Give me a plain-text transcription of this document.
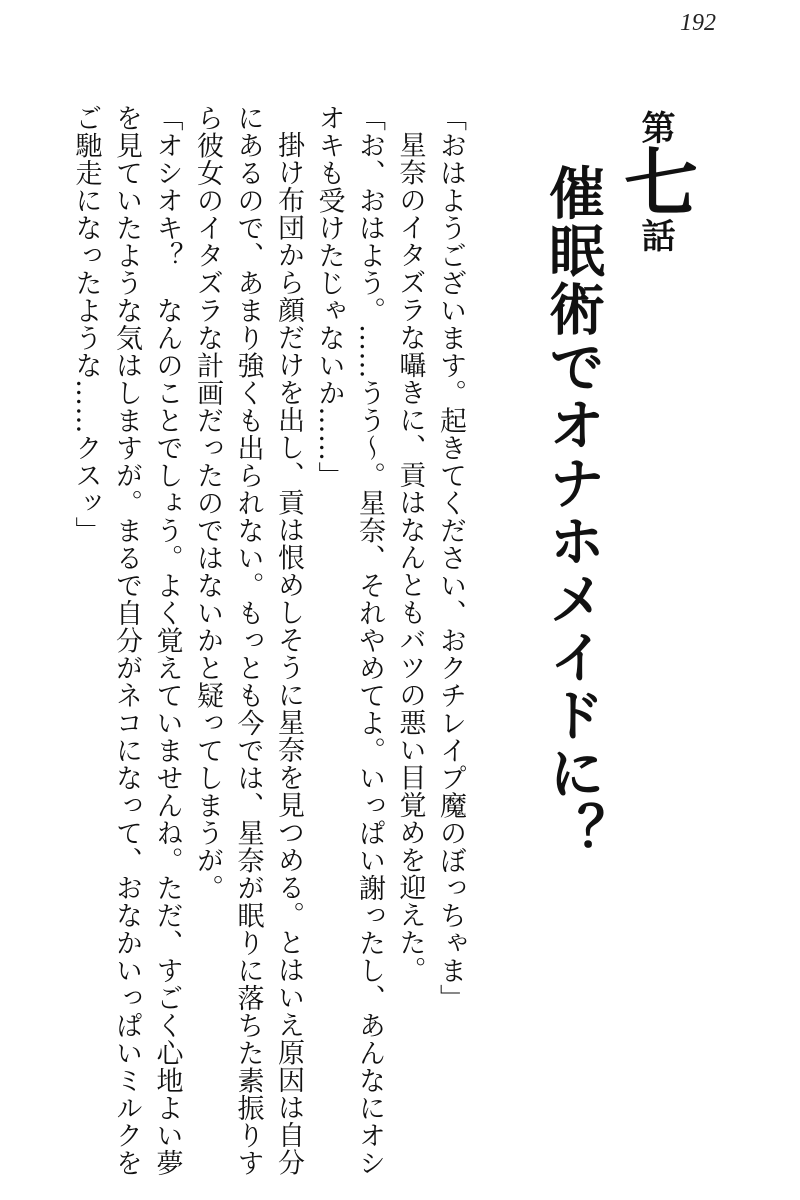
192
第七話 催眠術でオナホメイドに？

「おはようございます。起きてください、おクチレイプ魔のぼっちゃま」

星奈のイタズラな囁きに、貢はなんともバツの悪い目覚めを迎えた。

「お、おはよう。……うう～。星奈、それやめてよ。いっぱい謝ったし、あんなにオシオキも受けたじゃないか……」

掛け布団から顔だけを出し、貢は恨めしそうに星奈を見つめる。とはいえ原因は自分にあるので、あまり強くも出られない。もっとも今では、星奈が眠りに落ちた素振りすら彼女のイタズラな計画だったのではないかと疑ってしまうが。

「オシオキ？　なんのことでしょう。よく覚えていませんね。ただ、すごく心地よい夢を見ていたような気はしますが。まるで自分がネコになって、おなかいっぱいミルクをご馳走になったような……クスッ」
